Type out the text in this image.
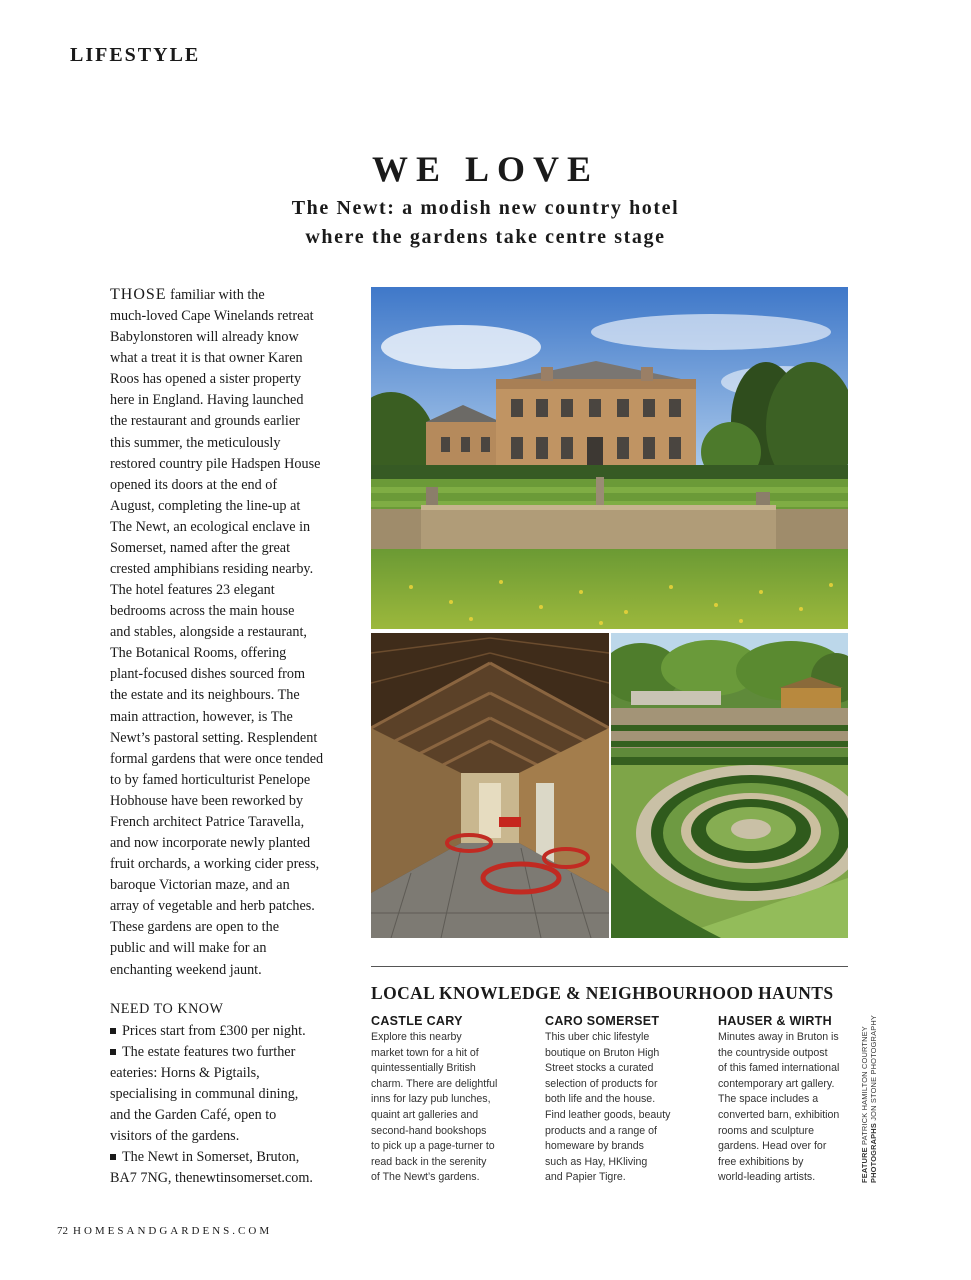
LIFESTYLE
WE LOVE
The Newt: a modish new country hotel
where the gardens take centre stage
THOSE familiar with the
much-loved Cape Winelands retreat
Babylonstoren will already know
what a treat it is that owner Karen
Roos has opened a sister property
here in England. Having launched
the restaurant and grounds earlier
this summer, the meticulously
restored country pile Hadspen House
opened its doors at the end of
August, completing the line-up at
The Newt, an ecological enclave in
Somerset, named after the great
crested amphibians residing nearby.
The hotel features 23 elegant
bedrooms across the main house
and stables, alongside a restaurant,
The Botanical Rooms, offering
plant-focused dishes sourced from
the estate and its neighbours. The
main attraction, however, is The
Newt’s pastoral setting. Resplendent
formal gardens that were once tended
to by famed horticulturist Penelope
Hobhouse have been reworked by
French architect Patrice Taravella,
and now incorporate newly planted
fruit orchards, a working cider press,
baroque Victorian maze, and an
array of vegetable and herb patches.
These gardens are open to the
public and will make for an
enchanting weekend jaunt.
NEED TO KNOW
Prices start from £300 per night.
The estate features two further
eateries: Horns & Pigtails,
specialising in communal dining,
and the Garden Café, open to
visitors of the gardens.
The Newt in Somerset, Bruton,
BA7 7NG, thenewtinsomerset.com.
LOCAL KNOWLEDGE & NEIGHBOURHOOD HAUNTS
CASTLE CARY
Explore this nearby
market town for a hit of
quintessentially British
charm. There are delightful
inns for lazy pub lunches,
quaint art galleries and
second-hand bookshops
to pick up a page-turner to
read back in the serenity
of The Newt’s gardens.
CARO SOMERSET
This uber chic lifestyle
boutique on Bruton High
Street stocks a curated
selection of products for
both life and the house.
Find leather goods, beauty
products and a range of
homeware by brands
such as Hay, HKliving
and Papier Tigre.
HAUSER & WIRTH
Minutes away in Bruton is
the countryside outpost
of this famed international
contemporary art gallery.
The space includes a
converted barn, exhibition
rooms and sculpture
gardens. Head over for
free exhibitions by
world-leading artists.	FEATURE PATRICK HAMILTON COURTNEY
PHOTOGRAPHS JON STONE PHOTOGRAPHY
72 HOMESANDGARDENS.COM
